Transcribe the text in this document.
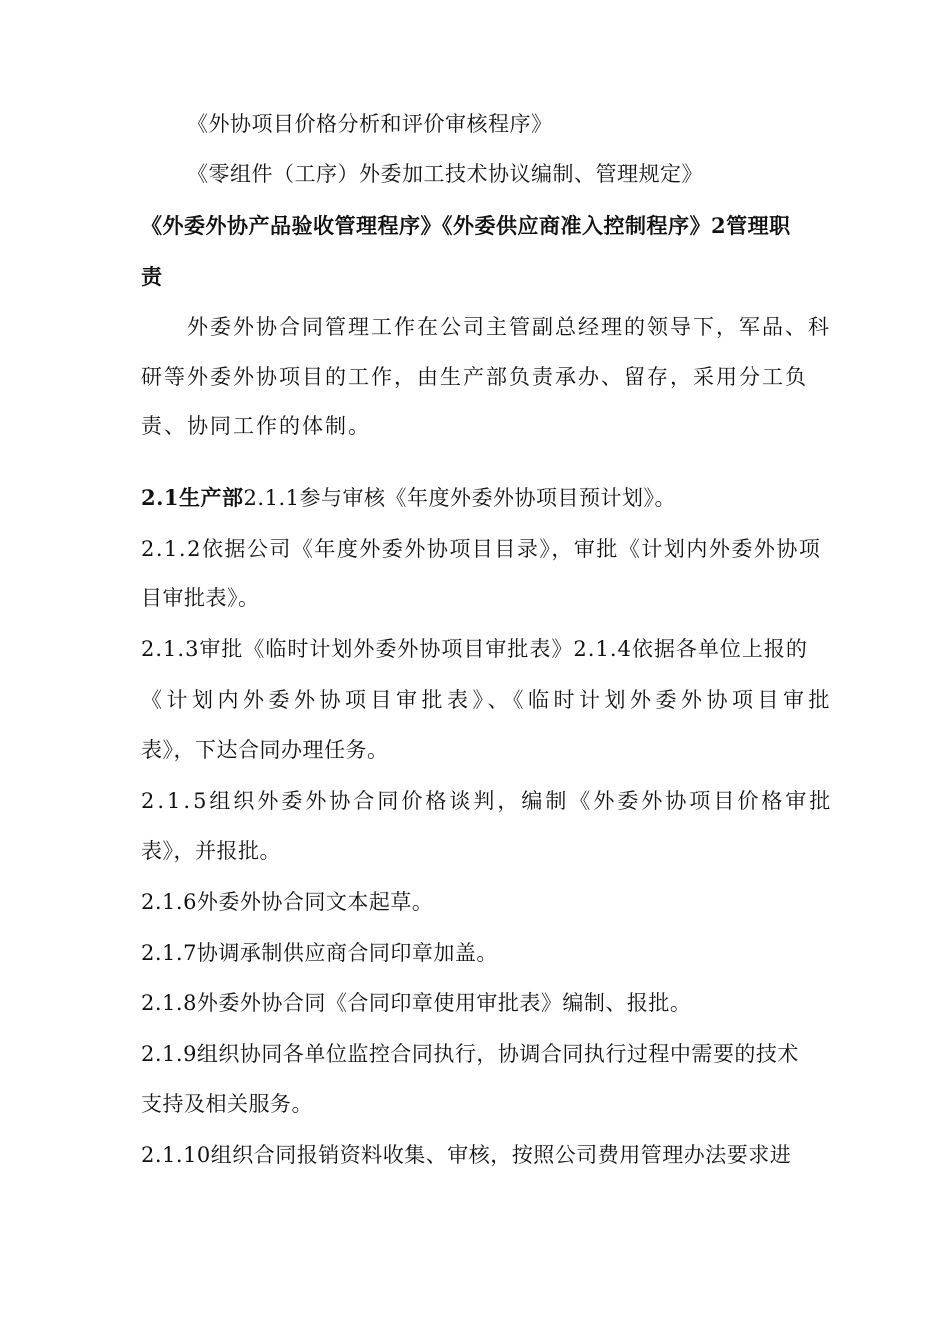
《外协项目价格分析和评价审核程序》
《零组件（工序）外委加工技术协议编制、管理规定》
《外委外协产品验收管理程序》《外委供应商准入控制程序》2管理职
责
外委外协合同管理工作在公司主管副总经理的领导下，军品、科
研等外委外协项目的工作，由生产部负责承办、留存，采用分工负
责、协同工作的体制。
2.1生产部2.1.1参与审核《年度外委外协项目预计划》。
2.1.2依据公司《年度外委外协项目目录》，审批《计划内外委外协项
目审批表》。
2.1.3审批《临时计划外委外协项目审批表》2.1.4依据各单位上报的
《计划内外委外协项目审批表》、《临时计划外委外协项目审批
表》，下达合同办理任务。
2.1.5组织外委外协合同价格谈判，编制《外委外协项目价格审批
表》，并报批。
2.1.6外委外协合同文本起草。
2.1.7协调承制供应商合同印章加盖。
2.1.8外委外协合同《合同印章使用审批表》编制、报批。
2.1.9组织协同各单位监控合同执行，协调合同执行过程中需要的技术
支持及相关服务。
2.1.10组织合同报销资料收集、审核，按照公司费用管理办法要求进
